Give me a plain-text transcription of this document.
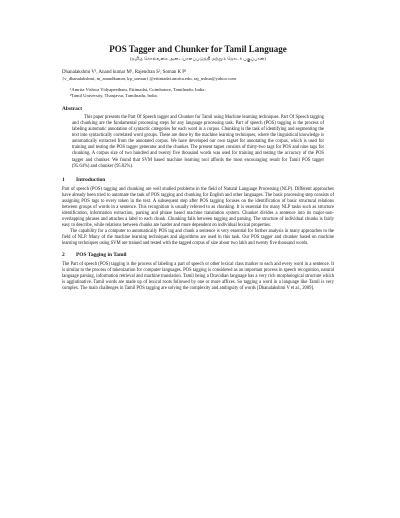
POS Tagger and Chunker for Tamil Language

(தமிழ் சொல்வகை அடையாளப்படுத்தி மற்றும் தொடர் பகுப்பான்)

Dhanalakshmi V¹, Anand kumar M¹, Rajendran S², Soman K P¹

{v_dhanalakshmi, m_anandkumar, kp_soman} @ettimadai.amrita.edu, raj_ushus@yahoo.com

¹Amrita Vishwa Vidyapeetham, Ettimadai, Coimbatore, Tamilnadu, India.

²Tamil University, Thanjavur, Tamilnadu, India.

Abstract

This paper presents the Part Of Speech tagger and Chunker for Tamil using Machine learning techniques. Part Of Speech tagging and chunking are the fundamental processing steps for any language processing task. Part of speech (POS) tagging is the process of labeling automatic annotation of syntactic categories for each word in a corpus. Chunking is the task of identifying and segmenting the text into syntactically correlated word groups. These are done by the machine learning techniques, where the linguistical knowledge is automatically extracted from the annotated corpus. We have developed our own tagset for annotating the corpus, which is used for training and testing the POS tagger generator and the chunker. The present tagset consists of thirty-two tags for POS and nine tags for chunking. A corpus size of two hundred and twenty five thousand words was used for training and testing the accuracy of the POS tagger and chunker. We found that SVM based machine learning tool affords the most encouraging result for Tamil POS tagger (95.64%) and chunker (95.82%).

1 Introduction

Part of speech (POS) tagging and chunking are well studied problems in the field of Natural Language Processing (NLP). Different approaches have already been tried to automate the task of POS tagging and chunking for English and other languages. The basic processing step consists of assigning POS tags to every token in the text. A subsequent step after POS tagging focuses on the identification of basic structural relations between groups of words in a sentence. This recognition is usually referred to as chunking. It is essential for many NLP tasks such as structure identification, information extraction, parsing and phrase based machine translation system. Chunker divides a sentence into its major-non-overlapping phrases and attaches a label to each chunk. Chunking falls between tagging and parsing. The structure of individual chunks is fairly easy to describe, while relations between chunks are harder and more dependent on individual lexical properties.

The capability for a computer to automatically POS tag and chunk a sentence is very essential for further analysis in many approaches to the field of NLP. Many of the machine learning techniques and algorithms are used in this task. Our POS tagger and chunker based on machine learning techniques using SVM are trained and tested with the tagged corpus of size about two lakh and twenty five thousand words.

2 POS Tagging in Tamil

The Part of speech (POS) tagging is the process of labeling a part of speech or other lexical class marker to each and every word in a sentence. It is similar to the process of tokenization for computer languages. POS tagging is considered as an important process in speech recognition, natural language parsing, information retrieval and machine translation. Tamil being a Dravidian language has a very rich morphological structure which is agglutinative. Tamil words are made up of lexical roots followed by one or more affixes. So tagging a word in a language like Tamil is very complex. The main challenges in Tamil POS tagging are solving the complexity and ambiguity of words [Dhanalakshmi V et al., 2009].
